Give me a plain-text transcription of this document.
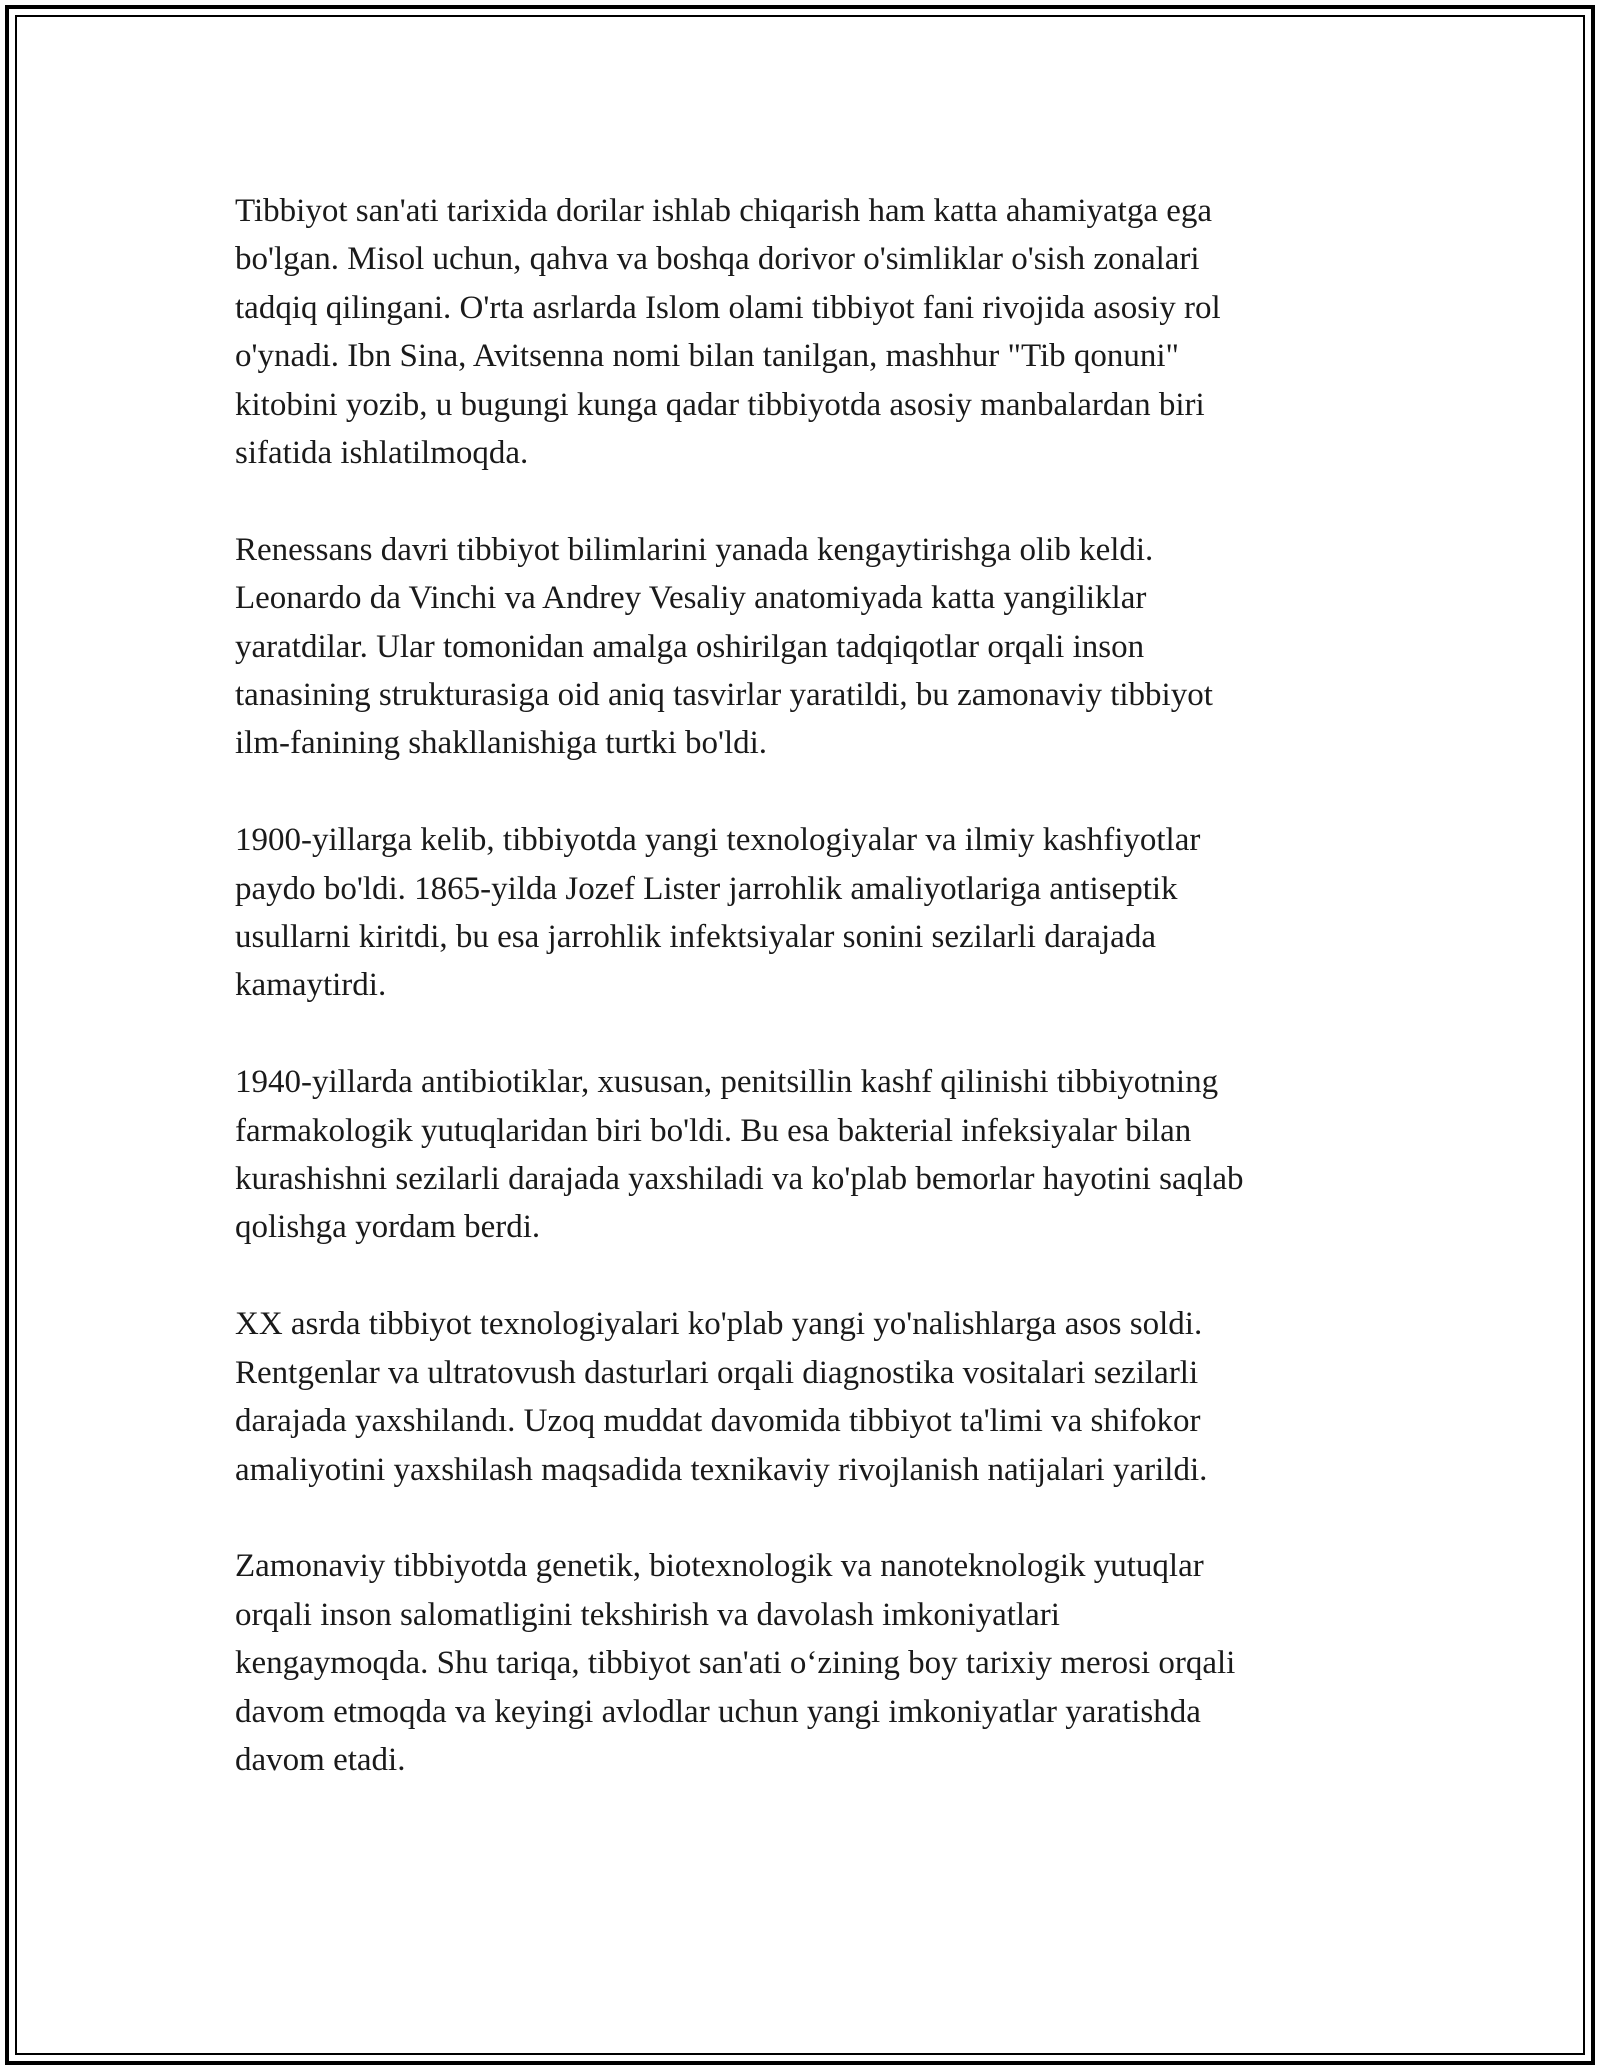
Tibbiyot san'ati tarixida dorilar ishlab chiqarish ham katta ahamiyatga ega
bo'lgan. Misol uchun, qahva va boshqa dorivor o'simliklar o'sish zonalari
tadqiq qilingani. O'rta asrlarda Islom olami tibbiyot fani rivojida asosiy rol
o'ynadi. Ibn Sina, Avitsenna nomi bilan tanilgan, mashhur "Tib qonuni"
kitobini yozib, u bugungi kunga qadar tibbiyotda asosiy manbalardan biri
sifatida ishlatilmoqda.

Renessans davri tibbiyot bilimlarini yanada kengaytirishga olib keldi.
Leonardo da Vinchi va Andrey Vesaliy anatomiyada katta yangiliklar
yaratdilar. Ular tomonidan amalga oshirilgan tadqiqotlar orqali inson
tanasining strukturasiga oid aniq tasvirlar yaratildi, bu zamonaviy tibbiyot
ilm-fanining shakllanishiga turtki bo'ldi.

1900-yillarga kelib, tibbiyotda yangi texnologiyalar va ilmiy kashfiyotlar
paydo bo'ldi. 1865-yilda Jozef Lister jarrohlik amaliyotlariga antiseptik
usullarni kiritdi, bu esa jarrohlik infektsiyalar sonini sezilarli darajada
kamaytirdi.

1940-yillarda antibiotiklar, xususan, penitsillin kashf qilinishi tibbiyotning
farmakologik yutuqlaridan biri bo'ldi. Bu esa bakterial infeksiyalar bilan
kurashishni sezilarli darajada yaxshiladi va ko'plab bemorlar hayotini saqlab
qolishga yordam berdi.

XX asrda tibbiyot texnologiyalari ko'plab yangi yo'nalishlarga asos soldi.
Rentgenlar va ultratovush dasturlari orqali diagnostika vositalari sezilarli
darajada yaxshilandı. Uzoq muddat davomida tibbiyot ta'limi va shifokor
amaliyotini yaxshilash maqsadida texnikaviy rivojlanish natijalari yarildi.

Zamonaviy tibbiyotda genetik, biotexnologik va nanoteknologik yutuqlar
orqali inson salomatligini tekshirish va davolash imkoniyatlari
kengaymoqda. Shu tariqa, tibbiyot san'ati o‘zining boy tarixiy merosi orqali
davom etmoqda va keyingi avlodlar uchun yangi imkoniyatlar yaratishda
davom etadi.
